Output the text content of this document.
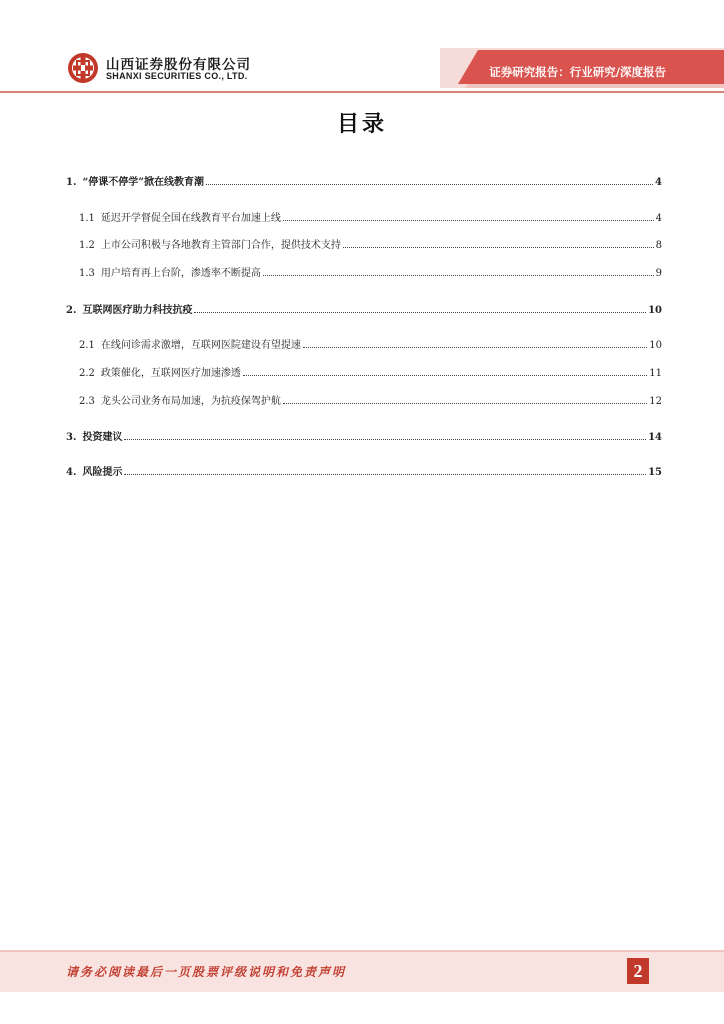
山西证券股份有限公司
SHANXI SECURITIES CO., LTD.	证券研究报告：行业研究/深度报告
目录
1. “停课不停学”掀在线教育潮	4
1.1 延迟开学督促全国在线教育平台加速上线	4
1.2 上市公司积极与各地教育主管部门合作，提供技术支持	8
1.3 用户培育再上台阶，渗透率不断提高	9
2. 互联网医疗助力科技抗疫	10
2.1 在线问诊需求激增，互联网医院建设有望提速	10
2.2 政策催化，互联网医疗加速渗透	11
2.3 龙头公司业务布局加速，为抗疫保驾护航	12
3. 投资建议	14
4. 风险提示	15
请务必阅读最后一页股票评级说明和免责声明	2
